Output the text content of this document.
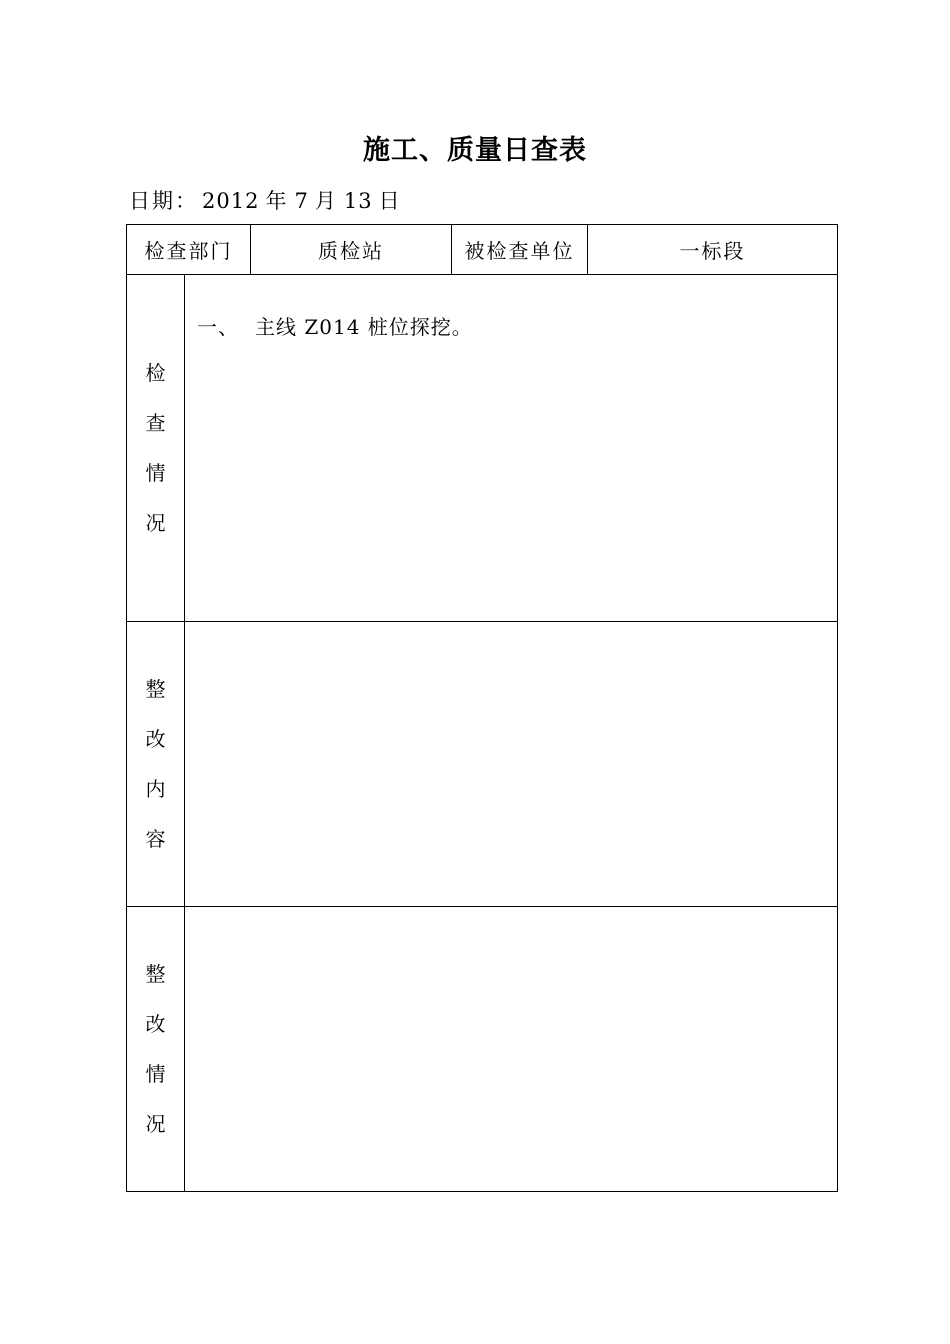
施工、质量日查表
日期： 2012 年 7 月 13 日
检查部门		质检站	被检查单位	一标段
检查情况	一、 主线 Z014 桩位探挖。			

整改内容				
整改情况				
